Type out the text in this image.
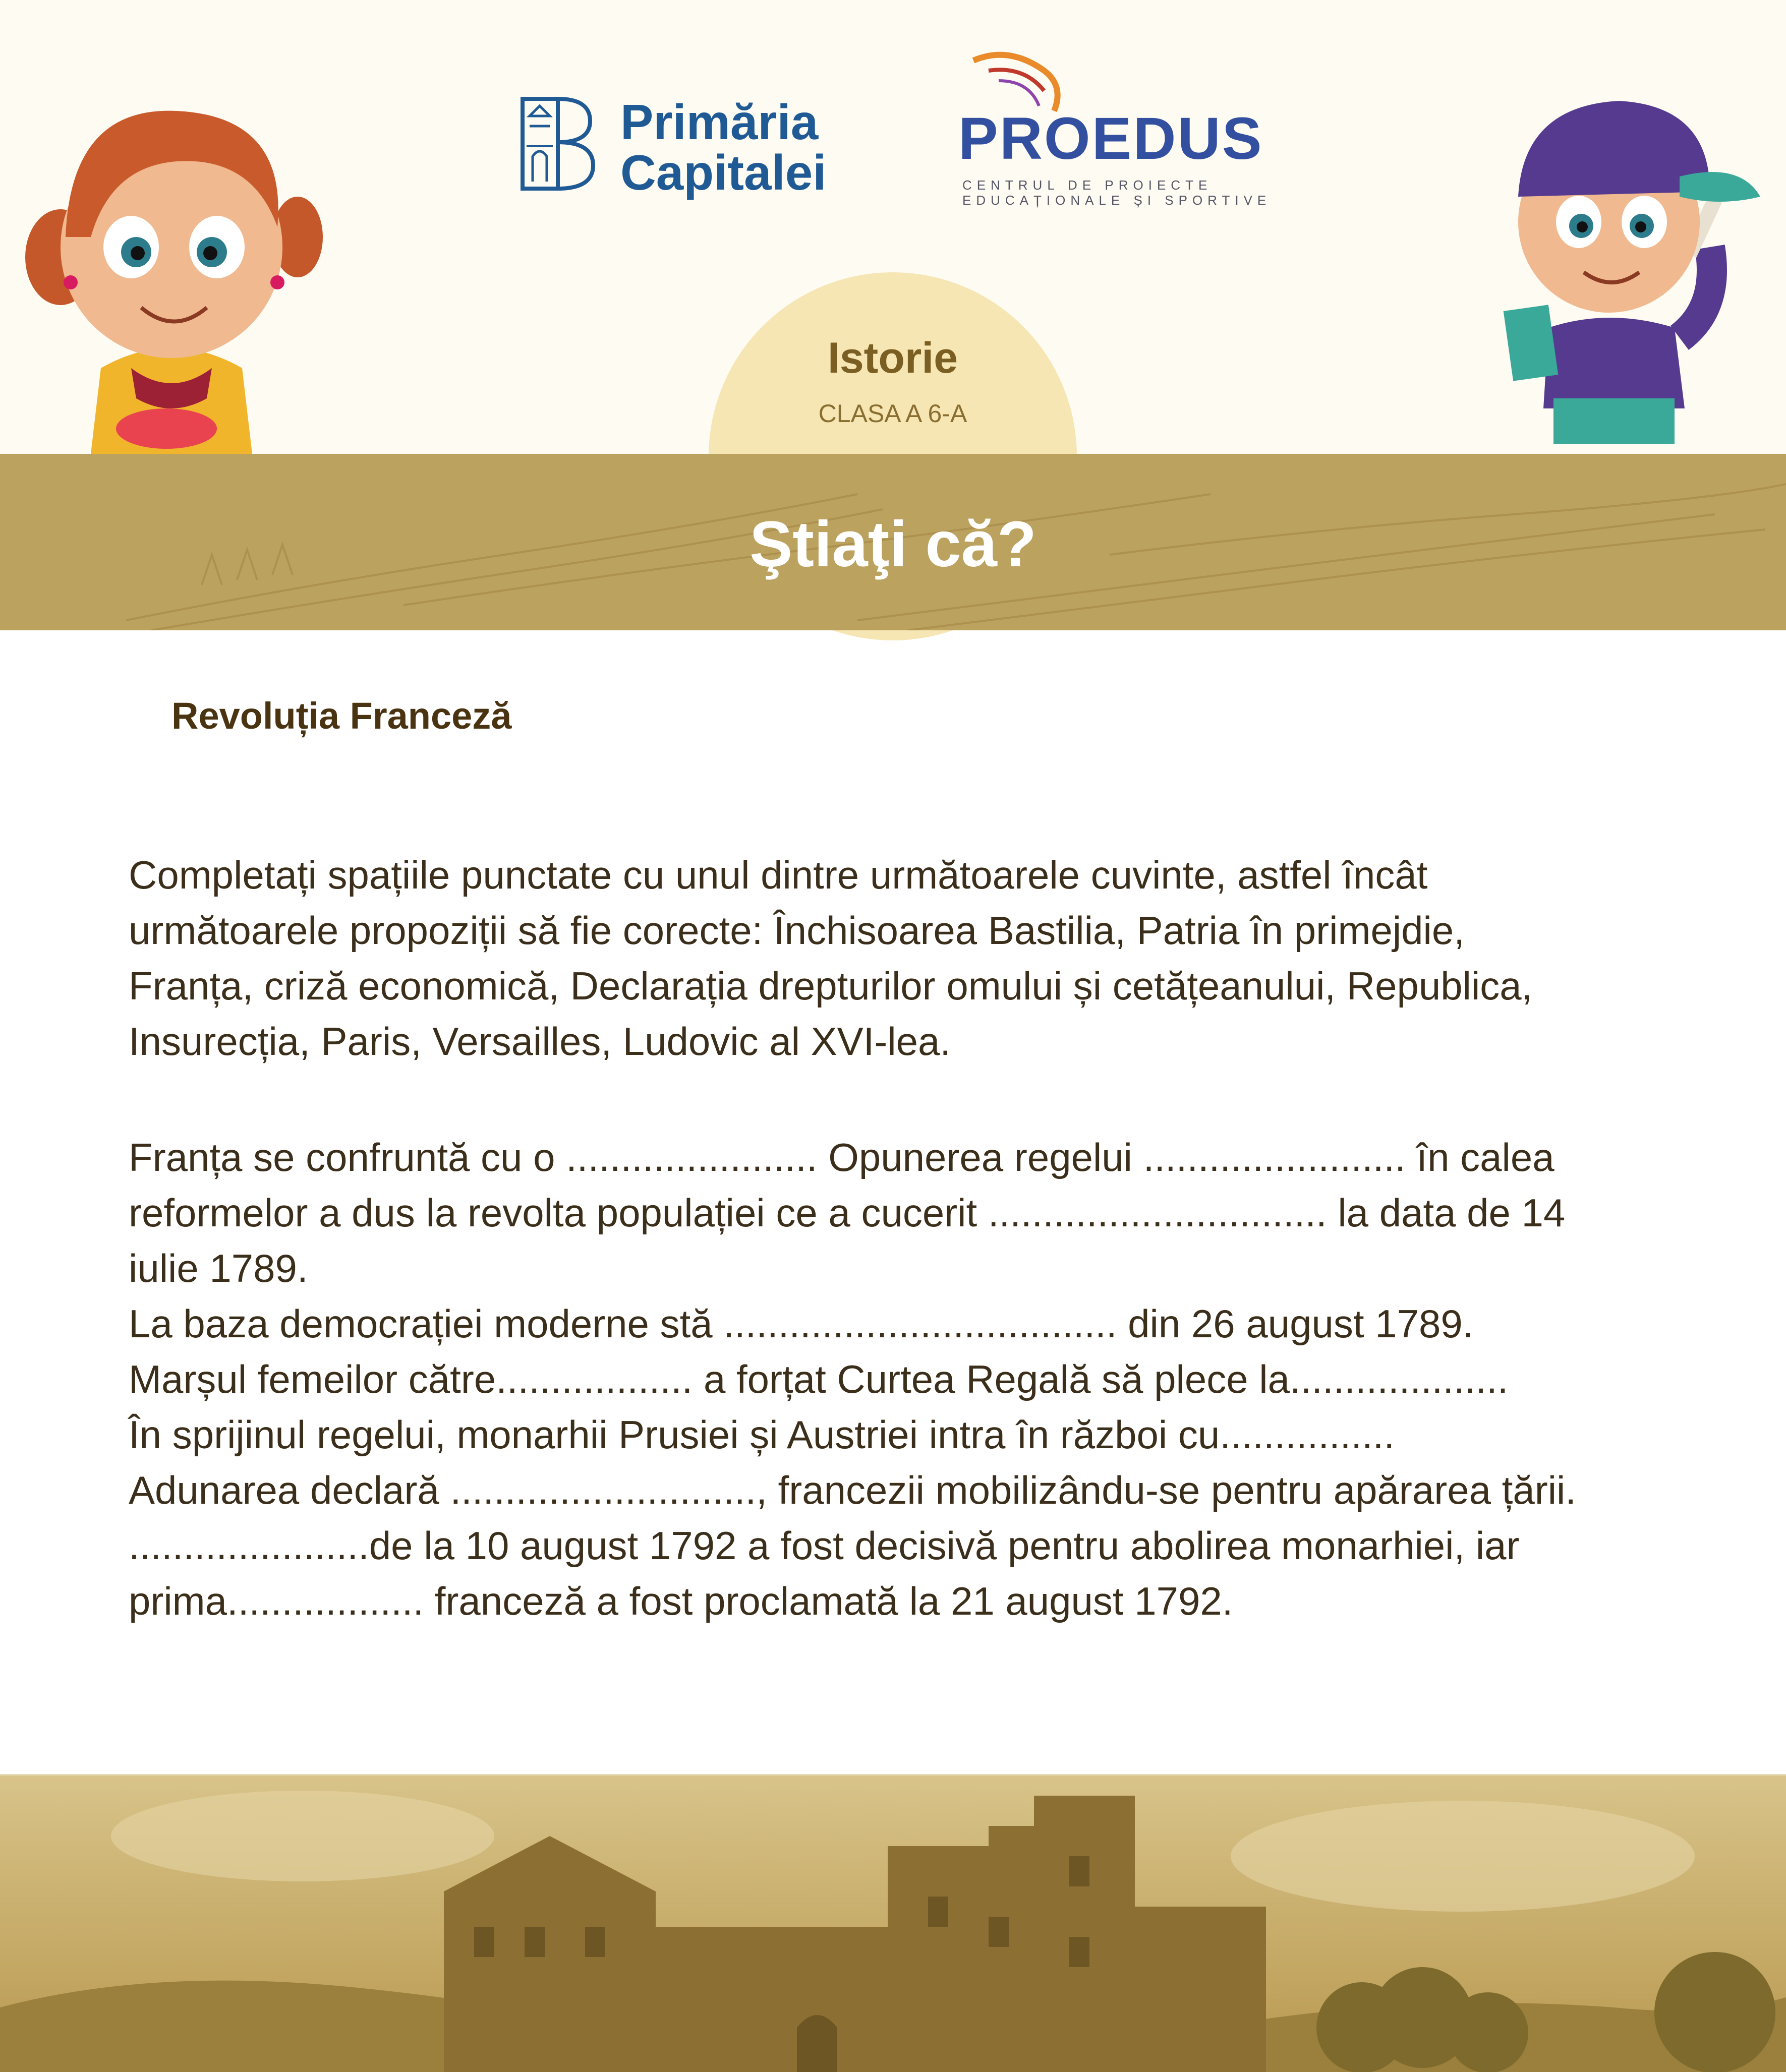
Primăria
Capitalei
PROEDUS
CENTRUL DE PROIECTE
EDUCAȚIONALE ȘI SPORTIVE
Istorie
CLASA A 6-A
Ştiaţi că?
Revoluția Franceză

Completați spațiile punctate cu unul dintre următoarele cuvinte, astfel încât
următoarele propoziții să fie corecte: Închisoarea Bastilia, Patria în primejdie,
Franța, criză economică, Declarația drepturilor omului și cetățeanului, Republica,
Insurecția, Paris, Versailles, Ludovic al XVI-lea.

Franța se confruntă cu o ....................... Opunerea regelui ........................ în calea
reformelor a dus la revolta populației ce a cucerit ............................... la data de 14
iulie 1789.
La baza democrației moderne stă .................................... din 26 august 1789.
Marșul femeilor către.................. a forțat Curtea Regală să plece la....................
În sprijinul regelui, monarhii Prusiei și Austriei intra în război cu................
Adunarea declară ............................, francezii mobilizându-se pentru apărarea țării.
......................de la 10 august 1792 a fost decisivă pentru abolirea monarhiei, iar
prima.................. franceză a fost proclamată la 21 august 1792.
